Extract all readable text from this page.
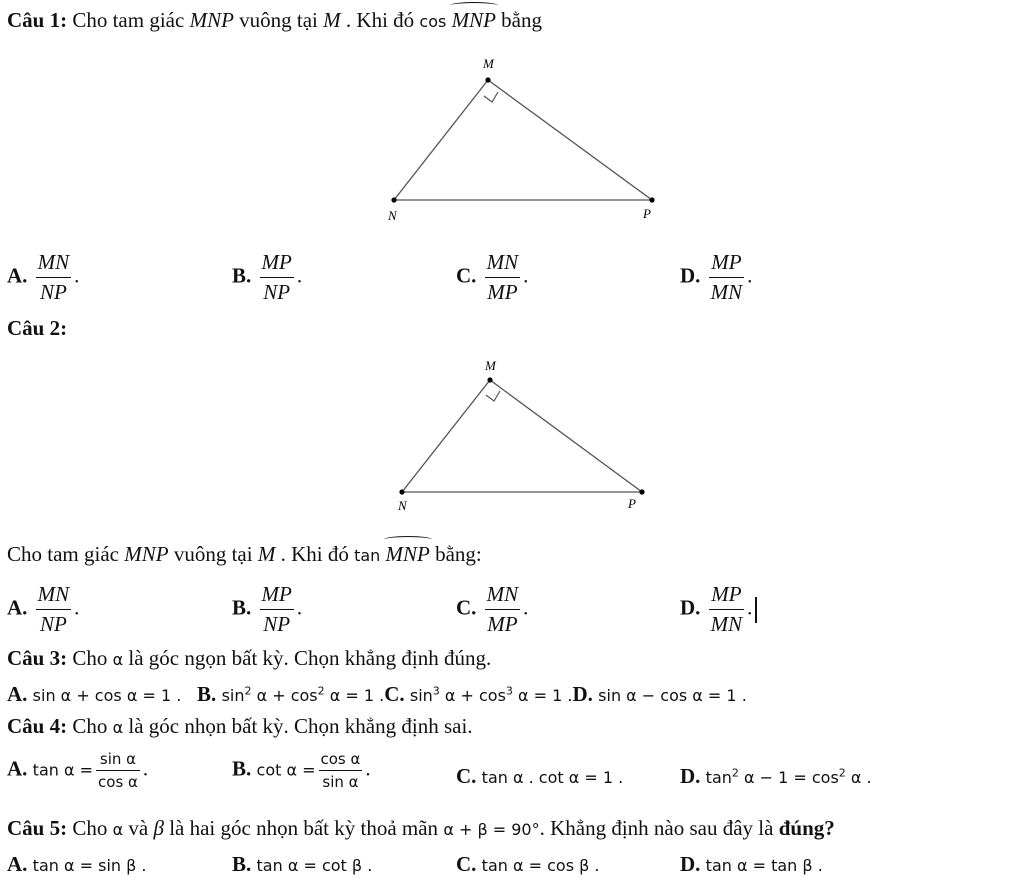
Câu 1: Cho tam giác MNP vuông tại M . Khi đó cos MNP bằng
M
N	P
A. $\frac{MN}{NP}$ .	B. $\frac{MP}{NP}$ .	C. $\frac{MN}{MP}$ .	D. $\frac{MP}{MN}$ .
Câu 2:
M
N	P
Cho tam giác MNP vuông tại M . Khi đó tan MNP bằng:
A. $\frac{MN}{NP}$ .	B. $\frac{MP}{NP}$ .	C. $\frac{MN}{MP}$ .	D. $\frac{MP}{MN}$ .
Câu 3: Cho α là góc ngọn bất kỳ. Chọn khẳng định đúng.
A. sin α + cos α = 1 . B. $\sin^2 \alpha + \cos^2 \alpha = 1$ .C. $\sin^3 \alpha + \cos^3 \alpha = 1$ .D. sin α − cos α = 1 .
Câu 4: Cho α là góc nhọn bất kỳ. Chọn khẳng định sai.
A. $\tan \alpha = \frac{\text{sin α}}{\text{cos α}}$ .	B. $\cot \alpha = \frac{\text{cos α}}{\text{sin α}}$ .	C. tan α . cot α = 1 .	D. $\tan^2 \alpha - 1 = \cos^2 \alpha$ .
Câu 5: Cho α và β là hai góc nhọn bất kỳ thoả mãn α + β = 90°. Khẳng định nào sau đây là đúng?
A. tan α = sin β .	B. tan α = cot β .	C. tan α = cos β .	D. tan α = tan β .
